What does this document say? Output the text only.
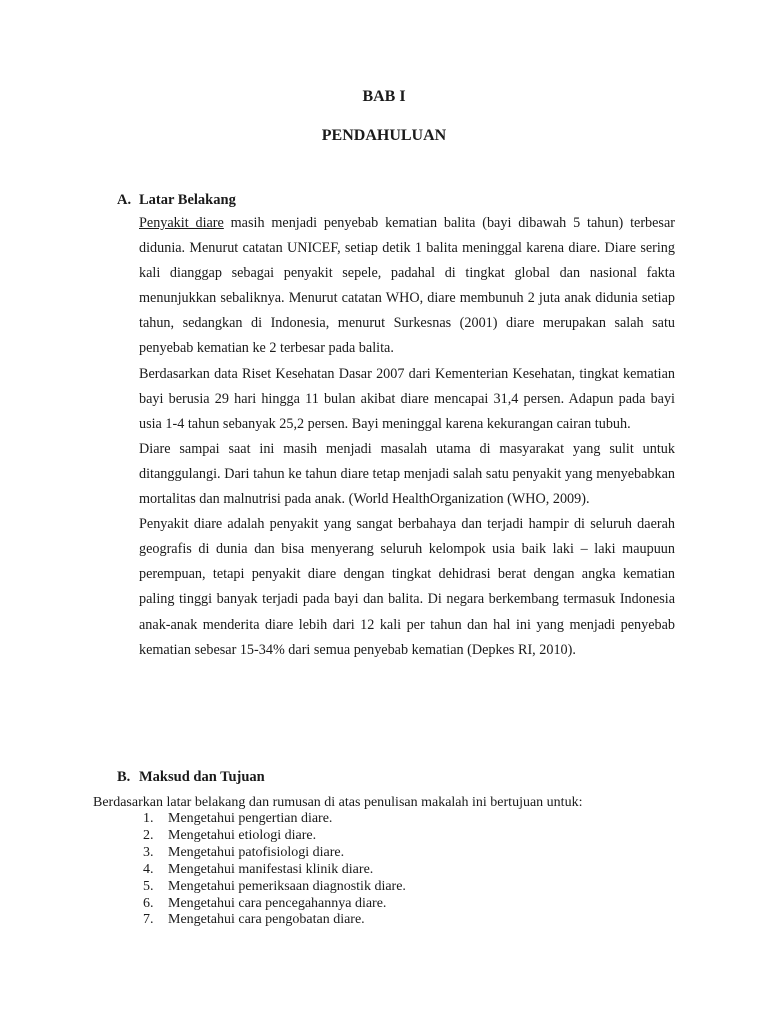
BAB I
PENDAHULUAN
A. Latar Belakang

Penyakit diare masih menjadi penyebab kematian balita (bayi dibawah 5 tahun) terbesar didunia. Menurut catatan UNICEF, setiap detik 1 balita meninggal karena diare. Diare sering kali dianggap sebagai penyakit sepele, padahal di tingkat global dan nasional fakta menunjukkan sebaliknya. Menurut catatan WHO, diare membunuh 2 juta anak didunia setiap tahun, sedangkan di Indonesia, menurut Surkesnas (2001) diare merupakan salah satu penyebab kematian ke 2 terbesar pada balita.

Berdasarkan data Riset Kesehatan Dasar 2007 dari Kementerian Kesehatan, tingkat kematian bayi berusia 29 hari hingga 11 bulan akibat diare mencapai 31,4 persen. Adapun pada bayi usia 1-4 tahun sebanyak 25,2 persen. Bayi meninggal karena kekurangan cairan tubuh.

Diare sampai saat ini masih menjadi masalah utama di masyarakat yang sulit untuk ditanggulangi. Dari tahun ke tahun diare tetap menjadi salah satu penyakit yang menyebabkan mortalitas dan malnutrisi pada anak. (World HealthOrganization (WHO, 2009).

Penyakit diare adalah penyakit yang sangat berbahaya dan terjadi hampir di seluruh daerah geografis di dunia dan bisa menyerang seluruh kelompok usia baik laki – laki maupuun perempuan, tetapi penyakit diare dengan tingkat dehidrasi berat dengan angka kematian paling tinggi banyak terjadi pada bayi dan balita. Di negara berkembang termasuk Indonesia anak-anak menderita diare lebih dari 12 kali per tahun dan hal ini yang menjadi penyebab kematian sebesar 15-34% dari semua penyebab kematian (Depkes RI, 2010).

B. Maksud dan Tujuan

Berdasarkan latar belakang dan rumusan di atas penulisan makalah ini bertujuan untuk:

1.	Mengetahui pengertian diare.
2.	Mengetahui etiologi diare.
3.	Mengetahui patofisiologi diare.
4.	Mengetahui manifestasi klinik diare.
5.	Mengetahui pemeriksaan diagnostik diare.
6.	Mengetahui cara pencegahannya diare.
7.	Mengetahui cara pengobatan diare.
